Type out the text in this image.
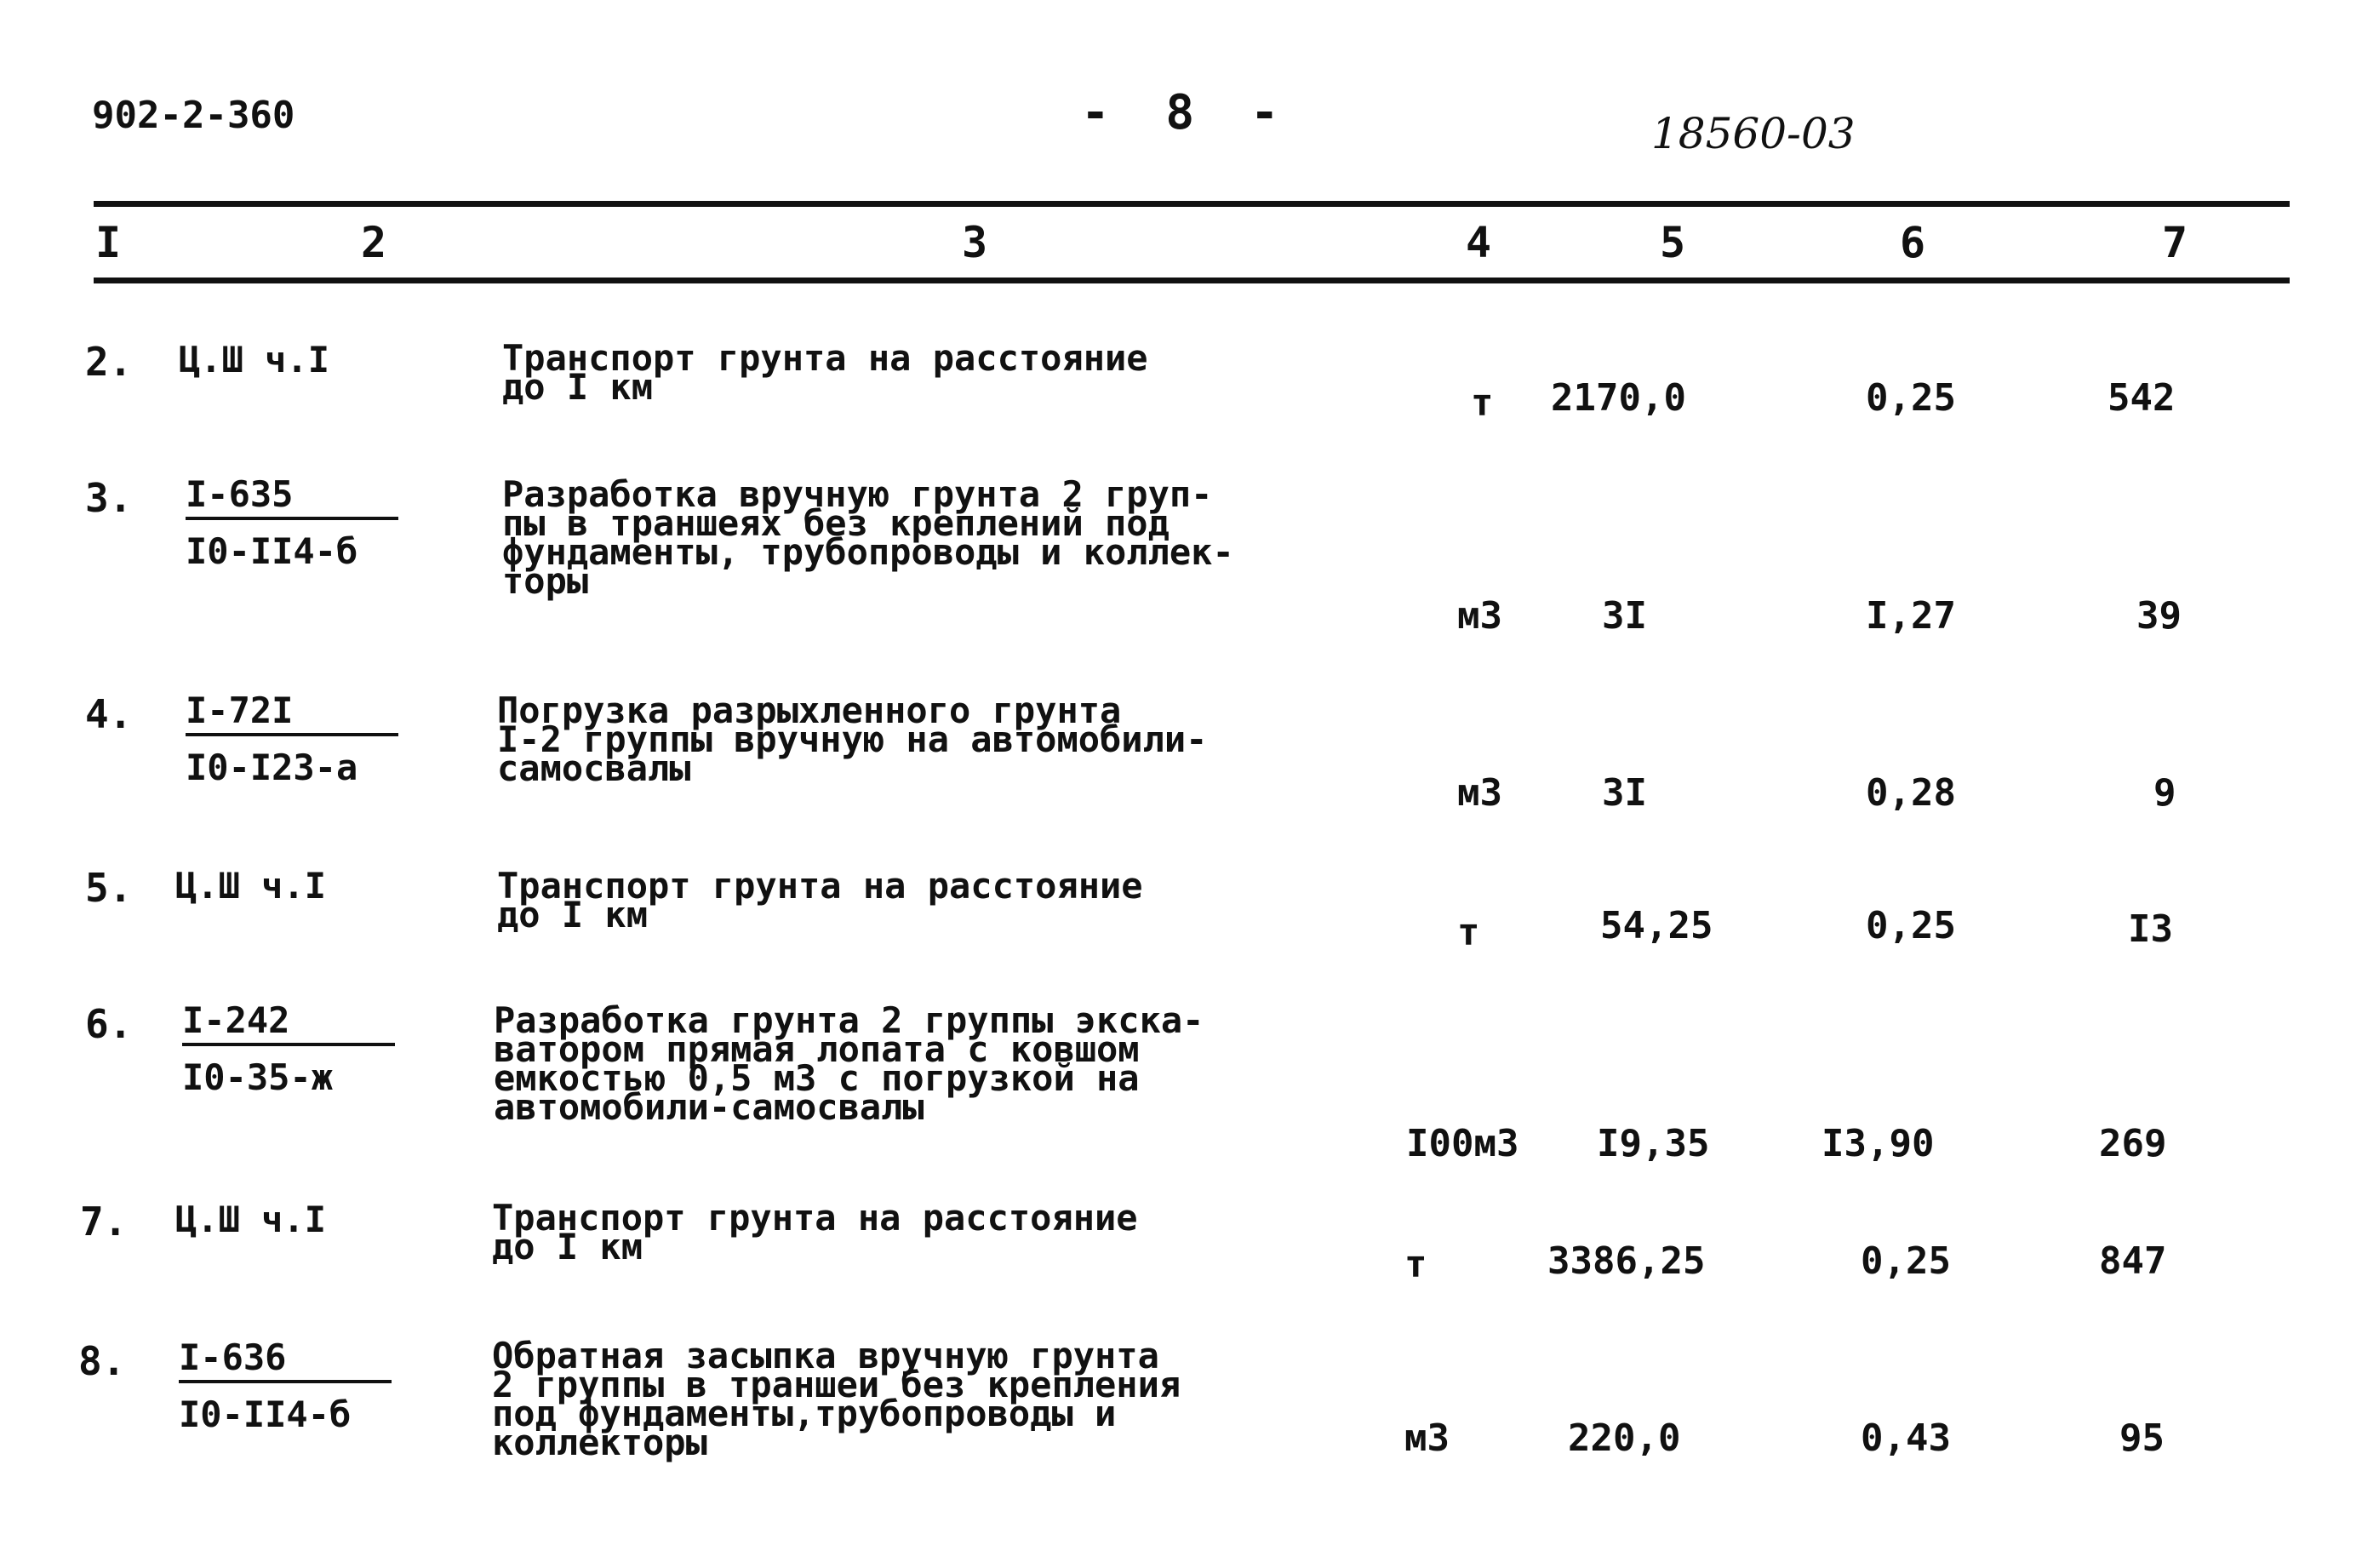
902-2-360	- 8 -	18560-03
I	2	3	4	5	6	7
2. Ц.Ш ч.I	Транспорт грунта на расстояние
до I км	т 2170,0	0,25	542
3. I-635
I0-II4-б
Разработка вручную грунта 2 груп-
пы в траншеях без креплений под
фундаменты, трубопроводы и коллек-
торы
м3	3I	I,27	39
4. I-72I
I0-I23-а
Погрузка разрыхленного грунта
I-2 группы вручную на автомобили-
самосвалы
м3	3I	0,28	9
5. Ц.Ш ч.I	Транспорт грунта на расстояние
до I км	т	54,25	0,25	I3
6. I-242
I0-35-ж
Разработка грунта 2 группы экска-
ватором прямая лопата с ковшом
емкостью 0,5 м3 с погрузкой на
автомобили-самосвалы
I00м3 I9,35	I3,90	269
7. Ц.Ш ч.I	Транспорт грунта на расстояние
до I км	т	3386,25	0,25	847
8. I-636
I0-II4-б
Обратная засыпка вручную грунта
2 группы в траншеи без крепления
под фундаменты,трубопроводы и
коллекторы	м3	220,0	0,43	95
